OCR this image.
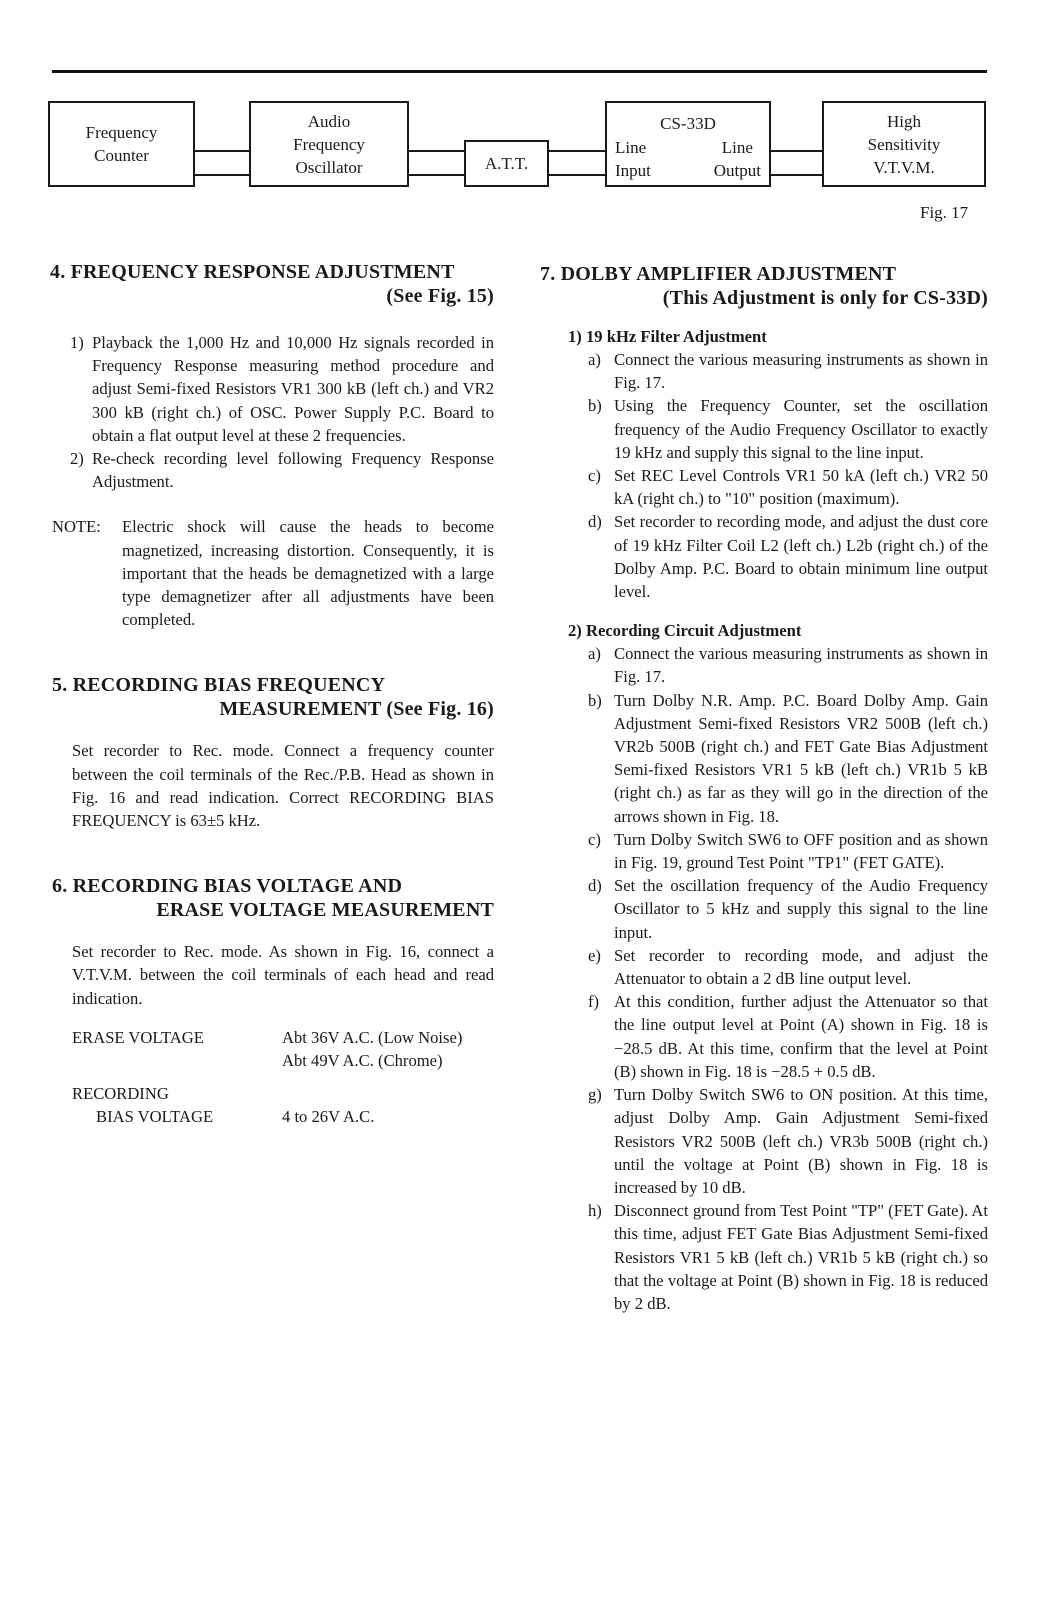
Frequency
Counter
Audio
Frequency
Oscillator	A.T.T.
CS-33D
Line
Input
Line
Output
High
Sensitivity
V.T.V.M.
Fig. 17
4. FREQUENCY RESPONSE ADJUSTMENT
(See Fig. 15)
1) Playback the 1,000 Hz and 10,000 Hz signals recorded in Frequency Response measuring method procedure and adjust Semi-fixed Resistors VR1 300 kB (left ch.) and VR2 300 kB (right ch.) of OSC. Power Supply P.C. Board to obtain a flat output level at these 2 frequencies.
2) Re-check recording level following Frequency Response Adjustment.
NOTE:	Electric shock will cause the heads to become magnetized, increasing distortion. Consequently, it is important that the heads be demagnetized with a large type demagnetizer after all adjustments have been completed.
5. RECORDING BIAS FREQUENCY
MEASUREMENT (See Fig. 16)

Set recorder to Rec. mode. Connect a frequency counter between the coil terminals of the Rec./P.B. Head as shown in Fig. 16 and read indication. Correct RECORDING BIAS FREQUENCY is 63±5 kHz.

6. RECORDING BIAS VOLTAGE AND
ERASE VOLTAGE MEASUREMENT

Set recorder to Rec. mode. As shown in Fig. 16, connect a V.T.V.M. between the coil terminals of each head and read indication.

ERASE VOLTAGE	Abt 36V A.C. (Low Noise)
Abt 49V A.C. (Chrome)
RECORDING
BIAS VOLTAGE	4 to 26V A.C.
7. DOLBY AMPLIFIER ADJUSTMENT
(This Adjustment is only for CS-33D)
1) 19 kHz Filter Adjustment
a) Connect the various measuring instruments as shown in Fig. 17.
b) Using the Frequency Counter, set the oscillation frequency of the Audio Frequency Oscillator to exactly 19 kHz and supply this signal to the line input.
c) Set REC Level Controls VR1 50 kA (left ch.) VR2 50 kA (right ch.) to "10" position (maximum).
d) Set recorder to recording mode, and adjust the dust core of 19 kHz Filter Coil L2 (left ch.) L2b (right ch.) of the Dolby Amp. P.C. Board to obtain minimum line output level.
2) Recording Circuit Adjustment
a) Connect the various measuring instruments as shown in Fig. 17.
b) Turn Dolby N.R. Amp. P.C. Board Dolby Amp. Gain Adjustment Semi-fixed Resistors VR2 500B (left ch.) VR2b 500B (right ch.) and FET Gate Bias Adjustment Semi-fixed Resistors VR1 5 kB (left ch.) VR1b 5 kB (right ch.) as far as they will go in the direction of the arrows shown in Fig. 18.
c) Turn Dolby Switch SW6 to OFF position and as shown in Fig. 19, ground Test Point "TP1" (FET GATE).
d) Set the oscillation frequency of the Audio Frequency Oscillator to 5 kHz and supply this signal to the line input.
e) Set recorder to recording mode, and adjust the Attenuator to obtain a 2 dB line output level.
f) At this condition, further adjust the Attenuator so that the line output level at Point (A) shown in Fig. 18 is −28.5 dB. At this time, confirm that the level at Point (B) shown in Fig. 18 is −28.5 + 0.5 dB.
g) Turn Dolby Switch SW6 to ON position. At this time, adjust Dolby Amp. Gain Adjustment Semi-fixed Resistors VR2 500B (left ch.) VR3b 500B (right ch.) until the voltage at Point (B) shown in Fig. 18 is increased by 10 dB.
h) Disconnect ground from Test Point "TP" (FET Gate). At this time, adjust FET Gate Bias Adjustment Semi-fixed Resistors VR1 5 kB (left ch.) VR1b 5 kB (right ch.) so that the voltage at Point (B) shown in Fig. 18 is reduced by 2 dB.
